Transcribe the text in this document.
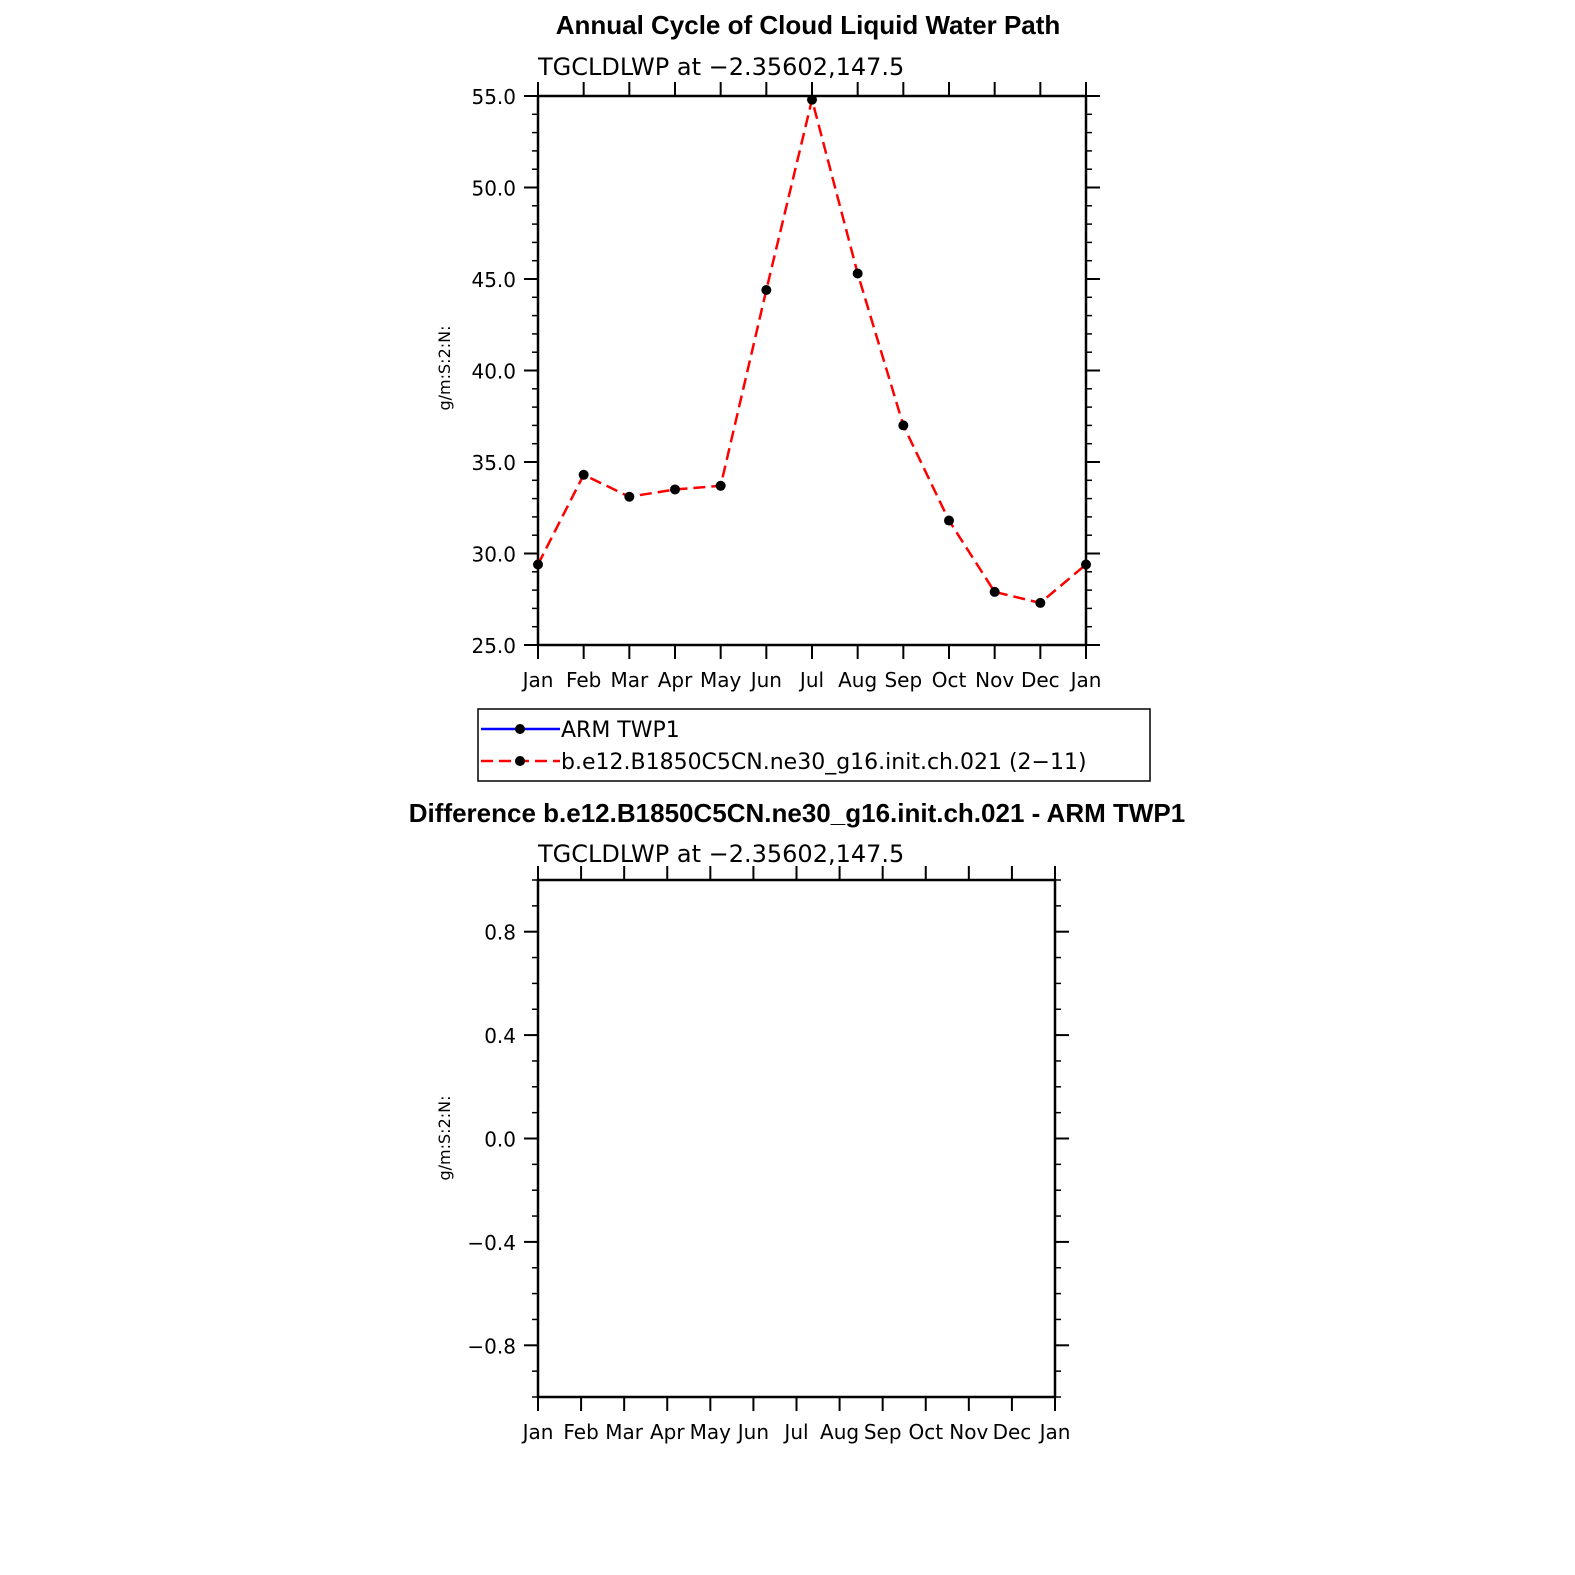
Annual Cycle of Cloud Liquid Water Path
TGCLDLWP at −2.35602,147.5
g/m:S:2:N:
25.0
30.0
35.0
40.0
45.0
50.0
55.0
Jan Feb Mar Apr May Jun Jul Aug Sep Oct Nov Dec Jan
ARM TWP1
b.e12.B1850C5CN.ne30_g16.init.ch.021 (2−11)
Difference b.e12.B1850C5CN.ne30_g16.init.ch.021 - ARM TWP1
TGCLDLWP at −2.35602,147.5
g/m:S:2:N:
−0.8
−0.4
0.0
0.4
0.8
Jan Feb Mar Apr May Jun Jul Aug Sep Oct Nov Dec Jan
